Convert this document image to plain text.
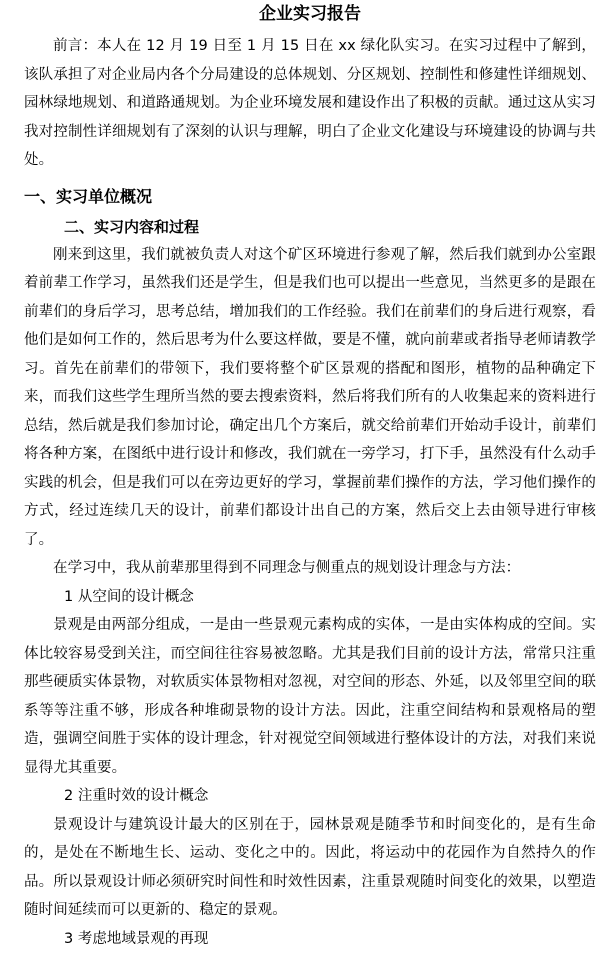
企业实习报告

前言：本人在 12 月 19 日至 1 月 15 日在 xx 绿化队实习。在实习过程中了解到，该队承担了对企业局内各个分局建设的总体规划、分区规划、控制性和修建性详细规划、园林绿地规划、和道路通规划。为企业环境发展和建设作出了积极的贡献。通过这从实习我对控制性详细规划有了深刻的认识与理解，明白了企业文化建设与环境建设的协调与共处。

一、实习单位概况
二、实习内容和过程

刚来到这里，我们就被负责人对这个矿区环境进行参观了解，然后我们就到办公室跟着前辈工作学习，虽然我们还是学生，但是我们也可以提出一些意见，当然更多的是跟在前辈们的身后学习，思考总结，增加我们的工作经验。我们在前辈们的身后进行观察，看他们是如何工作的，然后思考为什么要这样做，要是不懂，就向前辈或者指导老师请教学习。首先在前辈们的带领下，我们要将整个矿区景观的搭配和图形，植物的品种确定下来，而我们这些学生理所当然的要去搜索资料，然后将我们所有的人收集起来的资料进行总结，然后就是我们参加讨论，确定出几个方案后，就交给前辈们开始动手设计，前辈们将各种方案，在图纸中进行设计和修改，我们就在一旁学习，打下手，虽然没有什么动手实践的机会，但是我们可以在旁边更好的学习，掌握前辈们操作的方法，学习他们操作的方式，经过连续几天的设计，前辈们都设计出自己的方案，然后交上去由领导进行审核了。

在学习中，我从前辈那里得到不同理念与侧重点的规划设计理念与方法：

1 从空间的设计概念

景观是由两部分组成，一是由一些景观元素构成的实体，一是由实体构成的空间。实体比较容易受到关注，而空间往往容易被忽略。尤其是我们目前的设计方法，常常只注重那些硬质实体景物，对软质实体景物相对忽视，对空间的形态、外延，以及邻里空间的联系等等注重不够，形成各种堆砌景物的设计方法。因此，注重空间结构和景观格局的塑造，强调空间胜于实体的设计理念，针对视觉空间领域进行整体设计的方法，对我们来说显得尤其重要。

2 注重时效的设计概念

景观设计与建筑设计最大的区别在于，园林景观是随季节和时间变化的，是有生命的，是处在不断地生长、运动、变化之中的。因此，将运动中的花园作为自然持久的作品。所以景观设计师必须研究时间性和时效性因素，注重景观随时间变化的效果，以塑造随时间延续而可以更新的、稳定的景观。

3 考虑地域景观的再现
